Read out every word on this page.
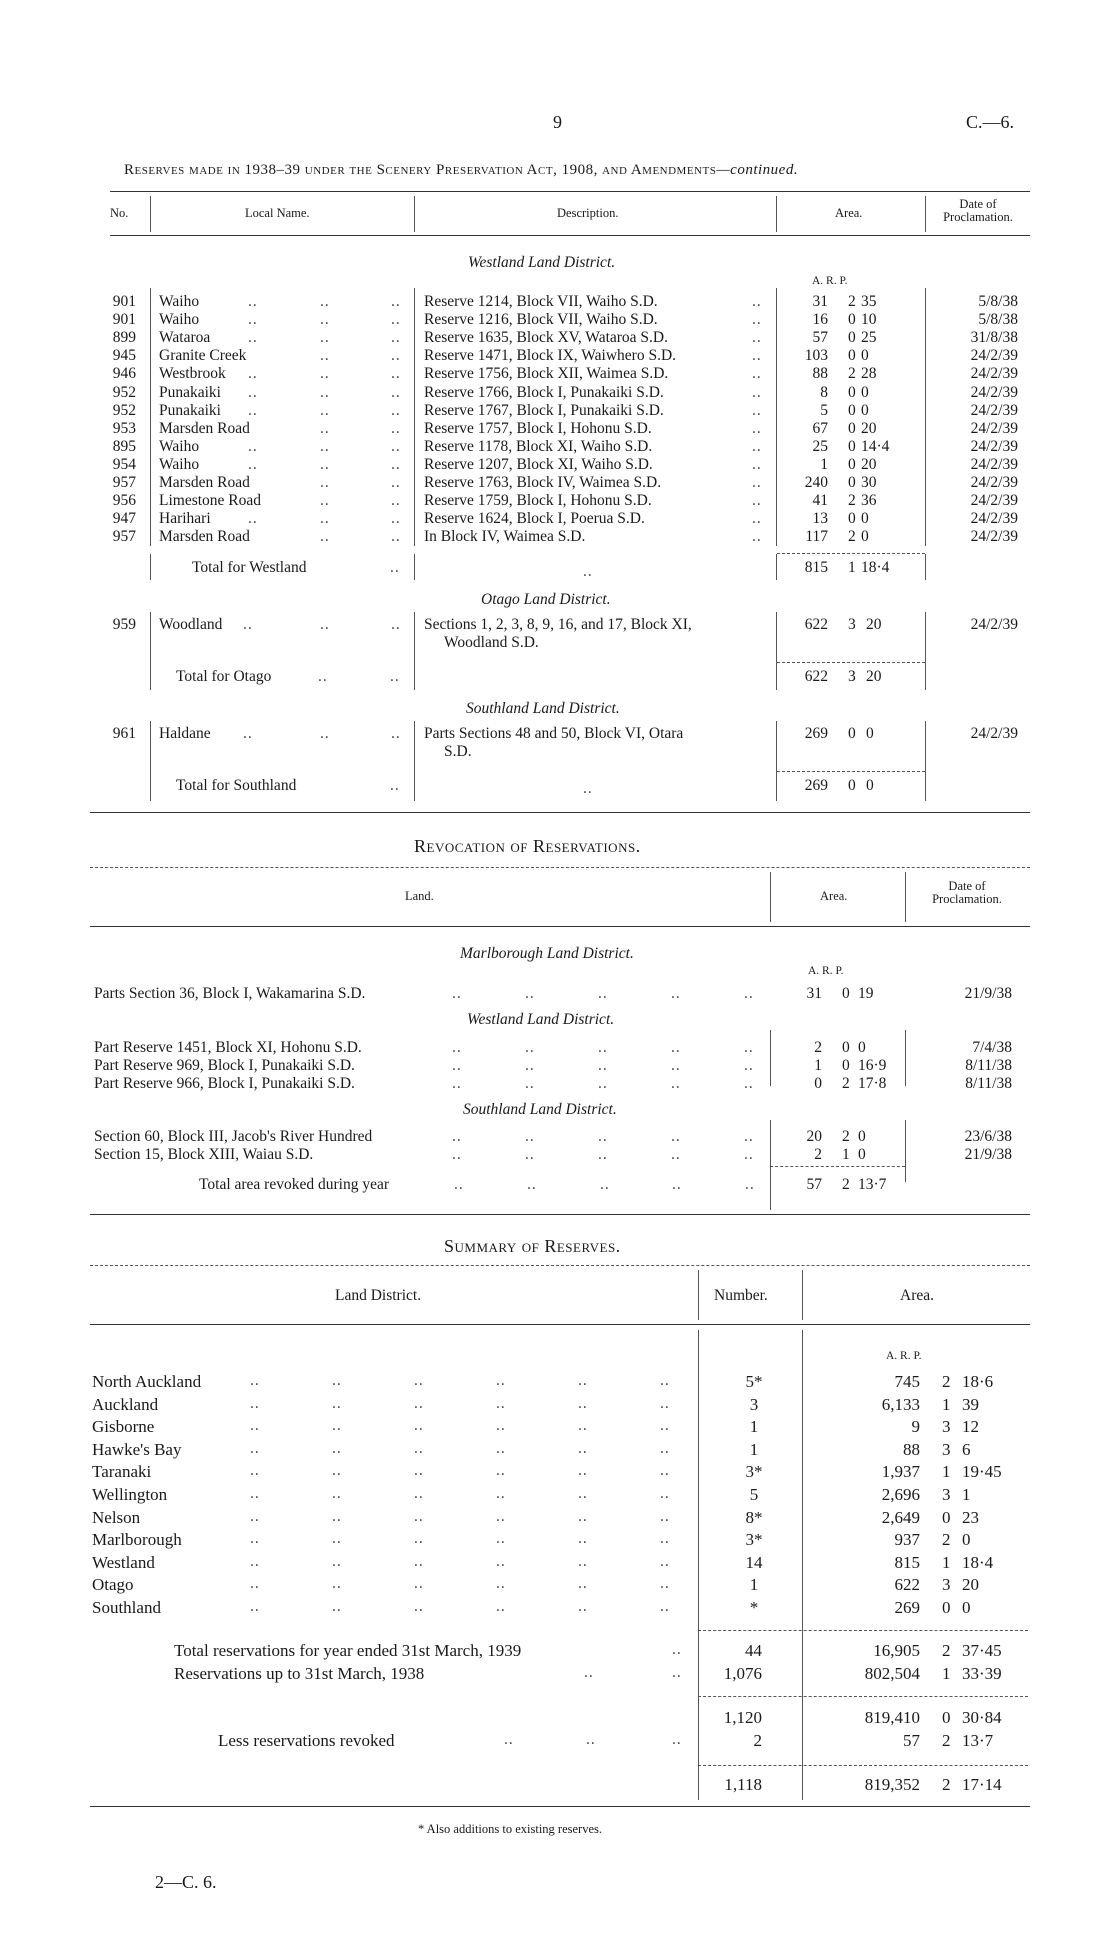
9	C.—6.
Reserves made in 1938–39 under the Scenery Preservation Act, 1908, and Amendments—continued.
No.	Local Name.	Description.	Area.
Date of Proclamation.
Westland Land District.
A. R. P.
901 Waiho	..	..	.. Reserve 1214, Block VII, Waiho S.D.	..	31 2 35	5/8/38
901 Waiho	..	..	.. Reserve 1216, Block VII, Waiho S.D.	..	16 0 10	5/8/38
899 Wataroa ..	..	.. Reserve 1635, Block XV, Wataroa S.D.	..	57 0 25	31/8/38
945 Granite Creek	..	.. Reserve 1471, Block IX, Waiwhero S.D.	..	103 0 0	24/2/39
946 Westbrook ..	..	.. Reserve 1756, Block XII, Waimea S.D.	..	88 2 28	24/2/39
952 Punakaiki ..	..	.. Reserve 1766, Block I, Punakaiki S.D.	..	8 0 0	24/2/39
952 Punakaiki ..	..	.. Reserve 1767, Block I, Punakaiki S.D.	..	5 0 0	24/2/39
953 Marsden Road	..	.. Reserve 1757, Block I, Hohonu S.D.	..	67 0 20	24/2/39
895 Waiho	..	..	.. Reserve 1178, Block XI, Waiho S.D.	..	25 0 14·4	24/2/39
954 Waiho	..	..	.. Reserve 1207, Block XI, Waiho S.D.	..	1 0 20	24/2/39
957 Marsden Road	..	.. Reserve 1763, Block IV, Waimea S.D.	..	240 0 30	24/2/39
956 Limestone Road	..	.. Reserve 1759, Block I, Hohonu S.D.	..	41 2 36	24/2/39
947 Harihari ..	..	.. Reserve 1624, Block I, Poerua S.D.	..	13 0 0	24/2/39
957 Marsden Road	..	.. In Block IV, Waimea S.D.	..	117 2 0	24/2/39
Total for Westland	..	..	815 1 18·4
Otago Land District.
959 Woodland ..	..	.. Sections 1, 2, 3, 8, 9, 16, and 17, Block XI,
Woodland S.D.
622 3 20	24/2/39
Total for Otago	..	..	622 3 20
Southland Land District.
961 Haldane ..	..	.. Parts Sections 48 and 50, Block VI, Otara
S.D.
269 0 0	24/2/39
Total for Southland	..	..	269 0 0
Revocation of Reservations.
Land.	Area.
Date of Proclamation.
Marlborough Land District.
A. R. P.
Parts Section 36, Block I, Wakamarina S.D.	..	..	..	..	..	31 0 19	21/9/38
Westland Land District.
Part Reserve 1451, Block XI, Hohonu S.D.	..	..	..	..	..	2 0 0	7/4/38
Part Reserve 969, Block I, Punakaiki S.D.	..	..	..	..	..	1 0 16·9	8/11/38
Part Reserve 966, Block I, Punakaiki S.D.	..	..	..	..	..	0 2 17·8	8/11/38
Southland Land District.
Section 60, Block III, Jacob's River Hundred	..	..	..	..	..	20 2 0	23/6/38
Section 15, Block XIII, Waiau S.D.	..	..	..	..	..	2 1 0	21/9/38
Total area revoked during year	..	..	..	..	..	57 2 13·7
Summary of Reserves.
Land District.	Number.	Area.
A. R. P.
North Auckland	..	..	..	..	..	..	5*	745 2 18·6
Auckland	..	..	..	..	..	..	3	6,133 1 39
Gisborne	..	..	..	..	..	..	1	9 3 12
Hawke's Bay	..	..	..	..	..	..	1	88 3 6
Taranaki	..	..	..	..	..	..	3*	1,937 1 19·45
Wellington	..	..	..	..	..	..	5	2,696 3 1
Nelson	..	..	..	..	..	..	8*	2,649 0 23
Marlborough	..	..	..	..	..	..	3*	937 2 0
Westland	..	..	..	..	..	..	14	815 1 18·4
Otago	..	..	..	..	..	..	1	622 3 20
Southland	..	..	..	..	..	..	*	269 0 0
Total reservations for year ended 31st March, 1939	..	44	16,905 2 37·45
Reservations up to 31st March, 1938	..	..	1,076	802,504 1 33·39
1,120	819,410 0 30·84
Less reservations revoked	..	..	..	2	57 2 13·7
1,118	819,352 2 17·14
* Also additions to existing reserves.
2—C. 6.
